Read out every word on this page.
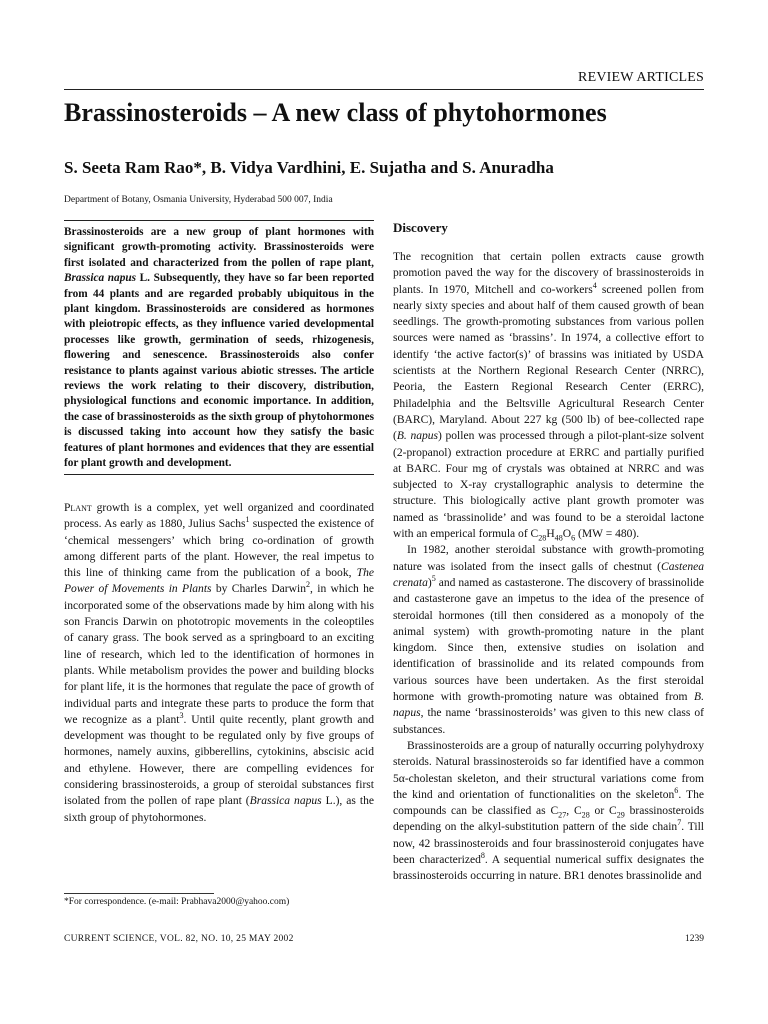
REVIEW ARTICLES
Brassinosteroids – A new class of phytohormones
S. Seeta Ram Rao*, B. Vidya Vardhini, E. Sujatha and S. Anuradha
Department of Botany, Osmania University, Hyderabad 500 007, India

Brassinosteroids are a new group of plant hormones with significant growth-promoting activity. Brassinosteroids were first isolated and characterized from the pollen of rape plant, Brassica napus L. Subsequently, they have so far been reported from 44 plants and are regarded probably ubiquitous in the plant kingdom. Brassinosteroids are considered as hormones with pleiotropic effects, as they influence varied developmental processes like growth, germination of seeds, rhizogenesis, flowering and senescence. Brassinosteroids also confer resistance to plants against various abiotic stresses. The article reviews the work relating to their discovery, distribution, physiological functions and economic importance. In addition, the case of brassinosteroids as the sixth group of phytohormones is discussed taking into account how they satisfy the basic features of plant hormones and evidences that they are essential for plant growth and development.

Plant growth is a complex, yet well organized and coordinated process. As early as 1880, Julius Sachs$^1$ suspected the existence of ‘chemical messengers’ which bring co-ordination of growth among different parts of the plant. However, the real impetus to this line of thinking came from the publication of a book, The Power of Movements in Plants by Charles Darwin$^2$, in which he incorporated some of the observations made by him along with his son Francis Darwin on phototropic movements in the coleoptiles of canary grass. The book served as a springboard to an exciting line of research, which led to the identification of hormones in plants. While metabolism provides the power and building blocks for plant life, it is the hormones that regulate the pace of growth of individual parts and integrate these parts to produce the form that we recognize as a plant$^3$. Until quite recently, plant growth and development was thought to be regulated only by five groups of hormones, namely auxins, gibberellins, cytokinins, abscisic acid and ethylene. However, there are compelling evidences for considering brassinosteroids, a group of steroidal substances first isolated from the pollen of rape plant (Brassica napus L.), as the sixth group of phytohormones.

Discovery

The recognition that certain pollen extracts cause growth promotion paved the way for the discovery of brassinosteroids in plants. In 1970, Mitchell and co-workers$^4$ screened pollen from nearly sixty species and about half of them caused growth of bean seedlings. The growth-promoting substances from various pollen sources were named as ‘brassins’. In 1974, a collective effort to identify ‘the active factor(s)’ of brassins was initiated by USDA scientists at the Northern Regional Research Center (NRRC), Peoria, the Eastern Regional Research Center (ERRC), Philadelphia and the Beltsville Agricultural Research Center (BARC), Maryland. About 227 kg (500 lb) of bee-collected rape (B. napus) pollen was processed through a pilot-plant-size solvent (2-propanol) extraction procedure at ERRC and partially purified at BARC. Four mg of crystals was obtained at NRRC and was subjected to X-ray crystallographic analysis to determine the structure. This biologically active plant growth promoter was named as ‘brassinolide’ and was found to be a steroidal lactone with an emperical formula of $C_{28}H_{48}O_6$ (MW = 480).

In 1982, another steroidal substance with growth-promoting nature was isolated from the insect galls of chestnut (Castenea crenata)$^5$ and named as castasterone. The discovery of brassinolide and castasterone gave an impetus to the idea of the presence of steroidal hormones (till then considered as a monopoly of the animal system) with growth-promoting nature in the plant kingdom. Since then, extensive studies on isolation and identification of brassinolide and its related compounds from various sources have been undertaken. As the first steroidal hormone with growth-promoting nature was obtained from B. napus, the name ‘brassinosteroids’ was given to this new class of substances.

Brassinosteroids are a group of naturally occurring polyhydroxy steroids. Natural brassinosteroids so far identified have a common 5α-cholestan skeleton, and their structural variations come from the kind and orientation of functionalities on the skeleton$^6$. The compounds can be classified as $C_{27}$, $C_{28}$ or $C_{29}$ brassinosteroids depending on the alkyl-substitution pattern of the side chain$^7$. Till now, 42 brassinosteroids and four brassinosteroid conjugates have been characterized$^8$. A sequential numerical suffix designates the brassinosteroids occurring in nature. BR1 denotes brassinolide and

*For correspondence. (e-mail: Prabhava2000@yahoo.com)
CURRENT SCIENCE, VOL. 82, NO. 10, 25 MAY 2002	1239
